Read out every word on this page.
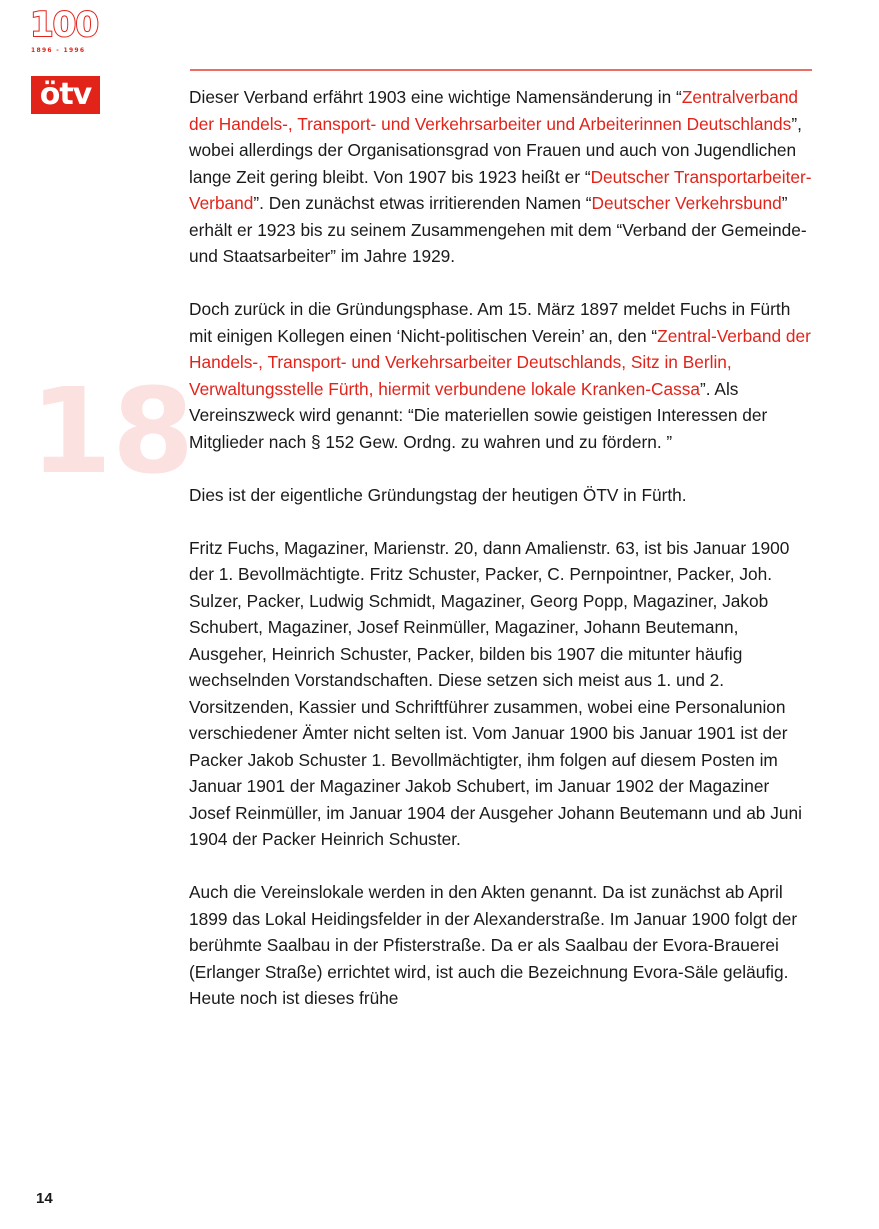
100
1896 - 1996
ötv
18

Dieser Verband erfährt 1903 eine wichtige Namensänderung in “Zentralverband der Handels-, Transport- und Verkehrsarbeiter und Arbeiterinnen Deutschlands”, wobei allerdings der Organisationsgrad von Frauen und auch von Jugendlichen lange Zeit gering bleibt. Von 1907 bis 1923 heißt er “Deutscher Transportarbeiter-Verband”. Den zunächst etwas irritierenden Namen “Deutscher Verkehrsbund” erhält er 1923 bis zu seinem Zusammengehen mit dem “Verband der Gemeinde- und Staatsarbeiter” im Jahre 1929.

Doch zurück in die Gründungsphase. Am 15. März 1897 meldet Fuchs in Fürth mit einigen Kollegen einen ‘Nicht-politischen Verein’ an, den “Zentral-Verband der Handels-, Transport- und Verkehrsarbeiter Deutschlands, Sitz in Berlin, Verwaltungsstelle Fürth, hiermit verbundene lokale Kranken-Cassa”. Als Vereinszweck wird genannt: “Die materiellen sowie geistigen Interessen der Mitglieder nach § 152 Gew. Ordng. zu wahren und zu fördern. ”

Dies ist der eigentliche Gründungstag der heutigen ÖTV in Fürth.

Fritz Fuchs, Magaziner, Marienstr. 20, dann Amalienstr. 63, ist bis Januar 1900 der 1. Bevollmächtigte. Fritz Schuster, Packer, C. Pernpointner, Packer, Joh. Sulzer, Packer, Ludwig Schmidt, Magaziner, Georg Popp, Magaziner, Jakob Schubert, Magaziner, Josef Reinmüller, Magaziner, Johann Beutemann, Ausgeher, Heinrich Schuster, Packer, bilden bis 1907 die mitunter häufig wechselnden Vorstandschaften. Diese setzen sich meist aus 1. und 2. Vorsitzenden, Kassier und Schriftführer zusammen, wobei eine Personalunion verschiedener Ämter nicht selten ist. Vom Januar 1900 bis Januar 1901 ist der Packer Jakob Schuster 1. Bevollmächtigter, ihm folgen auf diesem Posten im Januar 1901 der Magaziner Jakob Schubert, im Januar 1902 der Magaziner Josef Reinmüller, im Januar 1904 der Ausgeher Johann Beutemann und ab Juni 1904 der Packer Heinrich Schuster.

Auch die Vereinslokale werden in den Akten genannt. Da ist zunächst ab April 1899 das Lokal Heidingsfelder in der Alexanderstraße. Im Januar 1900 folgt der berühmte Saalbau in der Pfisterstraße. Da er als Saalbau der Evora-Brauerei (Erlanger Straße) errichtet wird, ist auch die Bezeichnung Evora-Säle geläufig. Heute noch ist dieses frühe

14
